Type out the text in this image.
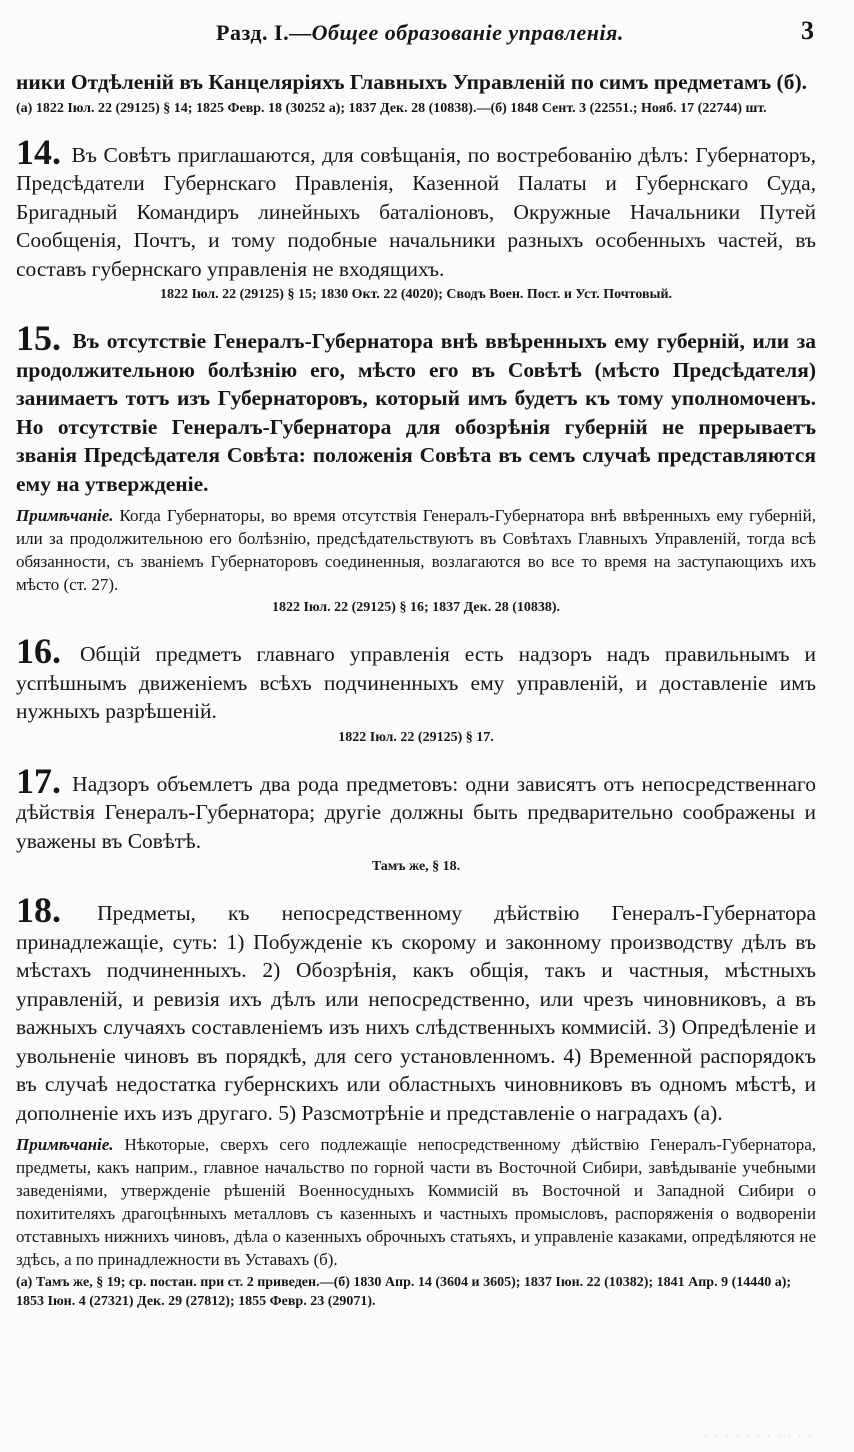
Разд. I.—Общее образованіе управленія.	3
ники Отдѣленій въ Канцеляріяхъ Главныхъ Управленій по симъ предметамъ (б).
(а) 1822 Іюл. 22 (29125) § 14; 1825 Февр. 18 (30252 а); 1837 Дек. 28 (10838).—(б) 1848 Сент. 3 (22551.; Нояб. 17 (22744) шт.
14. Въ Совѣтъ приглашаются, для совѣщанія, по востребованію дѣлъ: Губернаторъ, Предсѣдатели Губернскаго Правленія, Казенной Палаты и Губернскаго Суда, Бригадный Командиръ линейныхъ баталіоновъ, Окружные Начальники Путей Сообщенія, Почтъ, и тому подобные начальники разныхъ особенныхъ частей, въ составъ губернскаго управленія не входящихъ.
1822 Іюл. 22 (29125) § 15; 1830 Окт. 22 (4020); Сводъ Воен. Пост. и Уст. Почтовый.
15. Въ отсутствіе Генералъ-Губернатора внѣ ввѣренныхъ ему губерній, или за продолжительною болѣзнію его, мѣсто его въ Совѣтѣ (мѣсто Предсѣдателя) занимаетъ тотъ изъ Губернаторовъ, который имъ будетъ къ тому уполномоченъ. Но отсутствіе Генералъ-Губернатора для обозрѣнія губерній не прерываетъ званія Предсѣдателя Совѣта: положенія Совѣта въ семъ случаѣ представляются ему на утвержденіе.
Примѣчаніе. Когда Губернаторы, во время отсутствія Генералъ-Губернатора внѣ ввѣренныхъ ему губерній, или за продолжительною его болѣзнію, предсѣдательствуютъ въ Совѣтахъ Главныхъ Управленій, тогда всѣ обязанности, съ званіемъ Губернаторовъ соединенныя, возлагаются во все то время на заступающихъ ихъ мѣсто (ст. 27).
1822 Іюл. 22 (29125) § 16; 1837 Дек. 28 (10838).
16. Общій предметъ главнаго управленія есть надзоръ надъ правильнымъ и успѣшнымъ движеніемъ всѣхъ подчиненныхъ ему управленій, и доставленіе имъ нужныхъ разрѣшеній.
1822 Іюл. 22 (29125) § 17.
17. Надзоръ объемлетъ два рода предметовъ: одни зависятъ отъ непосредственнаго дѣйствія Генералъ-Губернатора; другіе должны быть предварительно соображены и уважены въ Совѣтѣ.
Тамъ же, § 18.
18. Предметы, къ непосредственному дѣйствію Генералъ-Губернатора принадлежащіе, суть: 1) Побужденіе къ скорому и законному производству дѣлъ въ мѣстахъ подчиненныхъ. 2) Обозрѣнія, какъ общія, такъ и частныя, мѣстныхъ управленій, и ревизія ихъ дѣлъ или непосредственно, или чрезъ чиновниковъ, а въ важныхъ случаяхъ составленіемъ изъ нихъ слѣдственныхъ коммисій. 3) Опредѣленіе и увольненіе чиновъ въ порядкѣ, для сего установленномъ. 4) Временной распорядокъ въ случаѣ недостатка губернскихъ или областныхъ чиновниковъ въ одномъ мѣстѣ, и дополненіе ихъ изъ другаго. 5) Разсмотрѣніе и представленіе о наградахъ (а).
Примѣчаніе. Нѣкоторые, сверхъ сего подлежащіе непосредственному дѣйствію Генералъ-Губернатора, предметы, какъ наприм., главное начальство по горной части въ Восточной Сибири, завѣдываніе учебными заведеніями, утвержденіе рѣшеній Военносудныхъ Коммисій въ Восточной и Западной Сибири о похитителяхъ драгоцѣнныхъ металловъ съ казенныхъ и частныхъ промысловъ, распоряженія о водвореніи отставныхъ нижнихъ чиновъ, дѣла о казенныхъ оброчныхъ статьяхъ, и управленіе казаками, опредѣляются не здѣсь, а по принадлежности въ Уставахъ (б).
(а) Тамъ же, § 19; ср. постан. при ст. 2 приведен.—(б) 1830 Апр. 14 (3604 и 3605); 1837 Іюн. 22 (10382); 1841 Апр. 9 (14440 а); 1853 Іюн. 4 (27321) Дек. 29 (27812); 1855 Февр. 23 (29071).
· · · · · · · · · · ·
